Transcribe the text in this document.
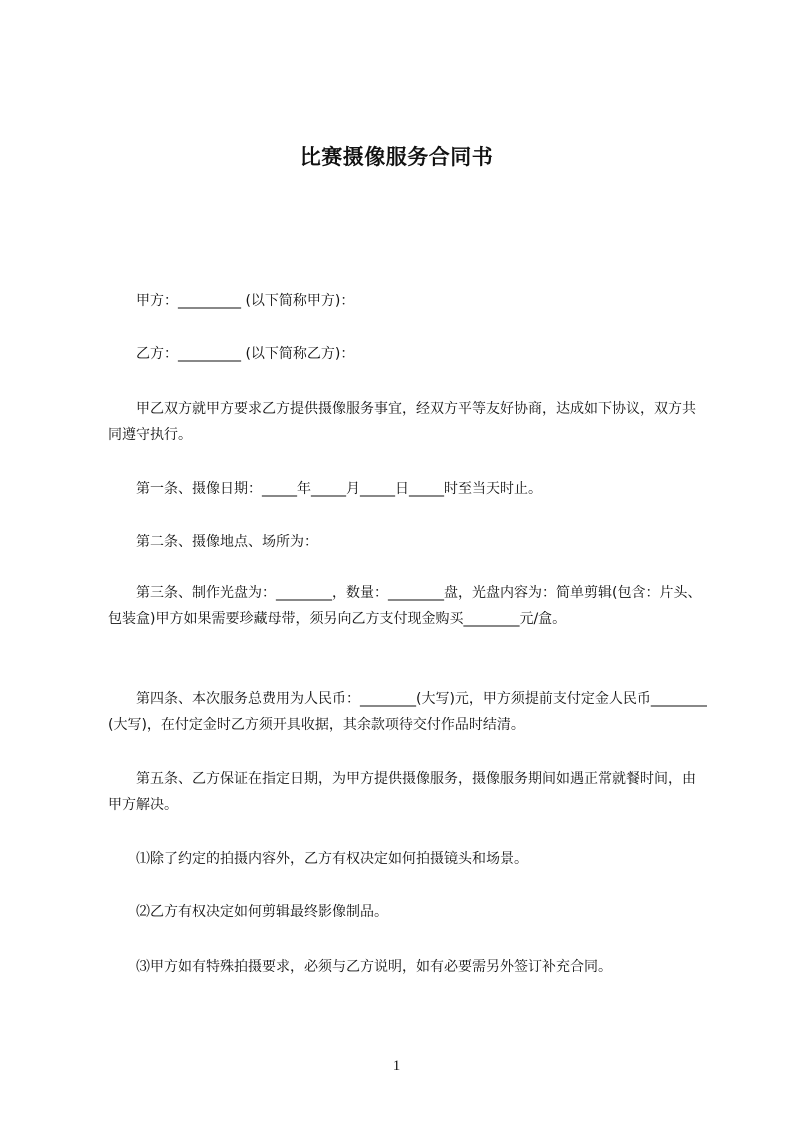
比赛摄像服务合同书

甲方：_________ (以下简称甲方)：

乙方：_________ (以下简称乙方)：

甲乙双方就甲方要求乙方提供摄像服务事宜，经双方平等友好协商，达成如下协议，双方共同遵守执行。

第一条、摄像日期：_____年_____月_____日_____时至当天时止。

第二条、摄像地点、场所为：

第三条、制作光盘为：________，数量：________盘，光盘内容为：简单剪辑(包含：片头、包装盒)甲方如果需要珍藏母带，须另向乙方支付现金购买________元/盒。

第四条、本次服务总费用为人民币：________(大写)元，甲方须提前支付定金人民币________(大写)，在付定金时乙方须开具收据，其余款项待交付作品时结清。

第五条、乙方保证在指定日期，为甲方提供摄像服务，摄像服务期间如遇正常就餐时间，由甲方解决。

⑴除了约定的拍摄内容外，乙方有权决定如何拍摄镜头和场景。

⑵乙方有权决定如何剪辑最终影像制品。

⑶甲方如有特殊拍摄要求，必须与乙方说明，如有必要需另外签订补充合同。

1
